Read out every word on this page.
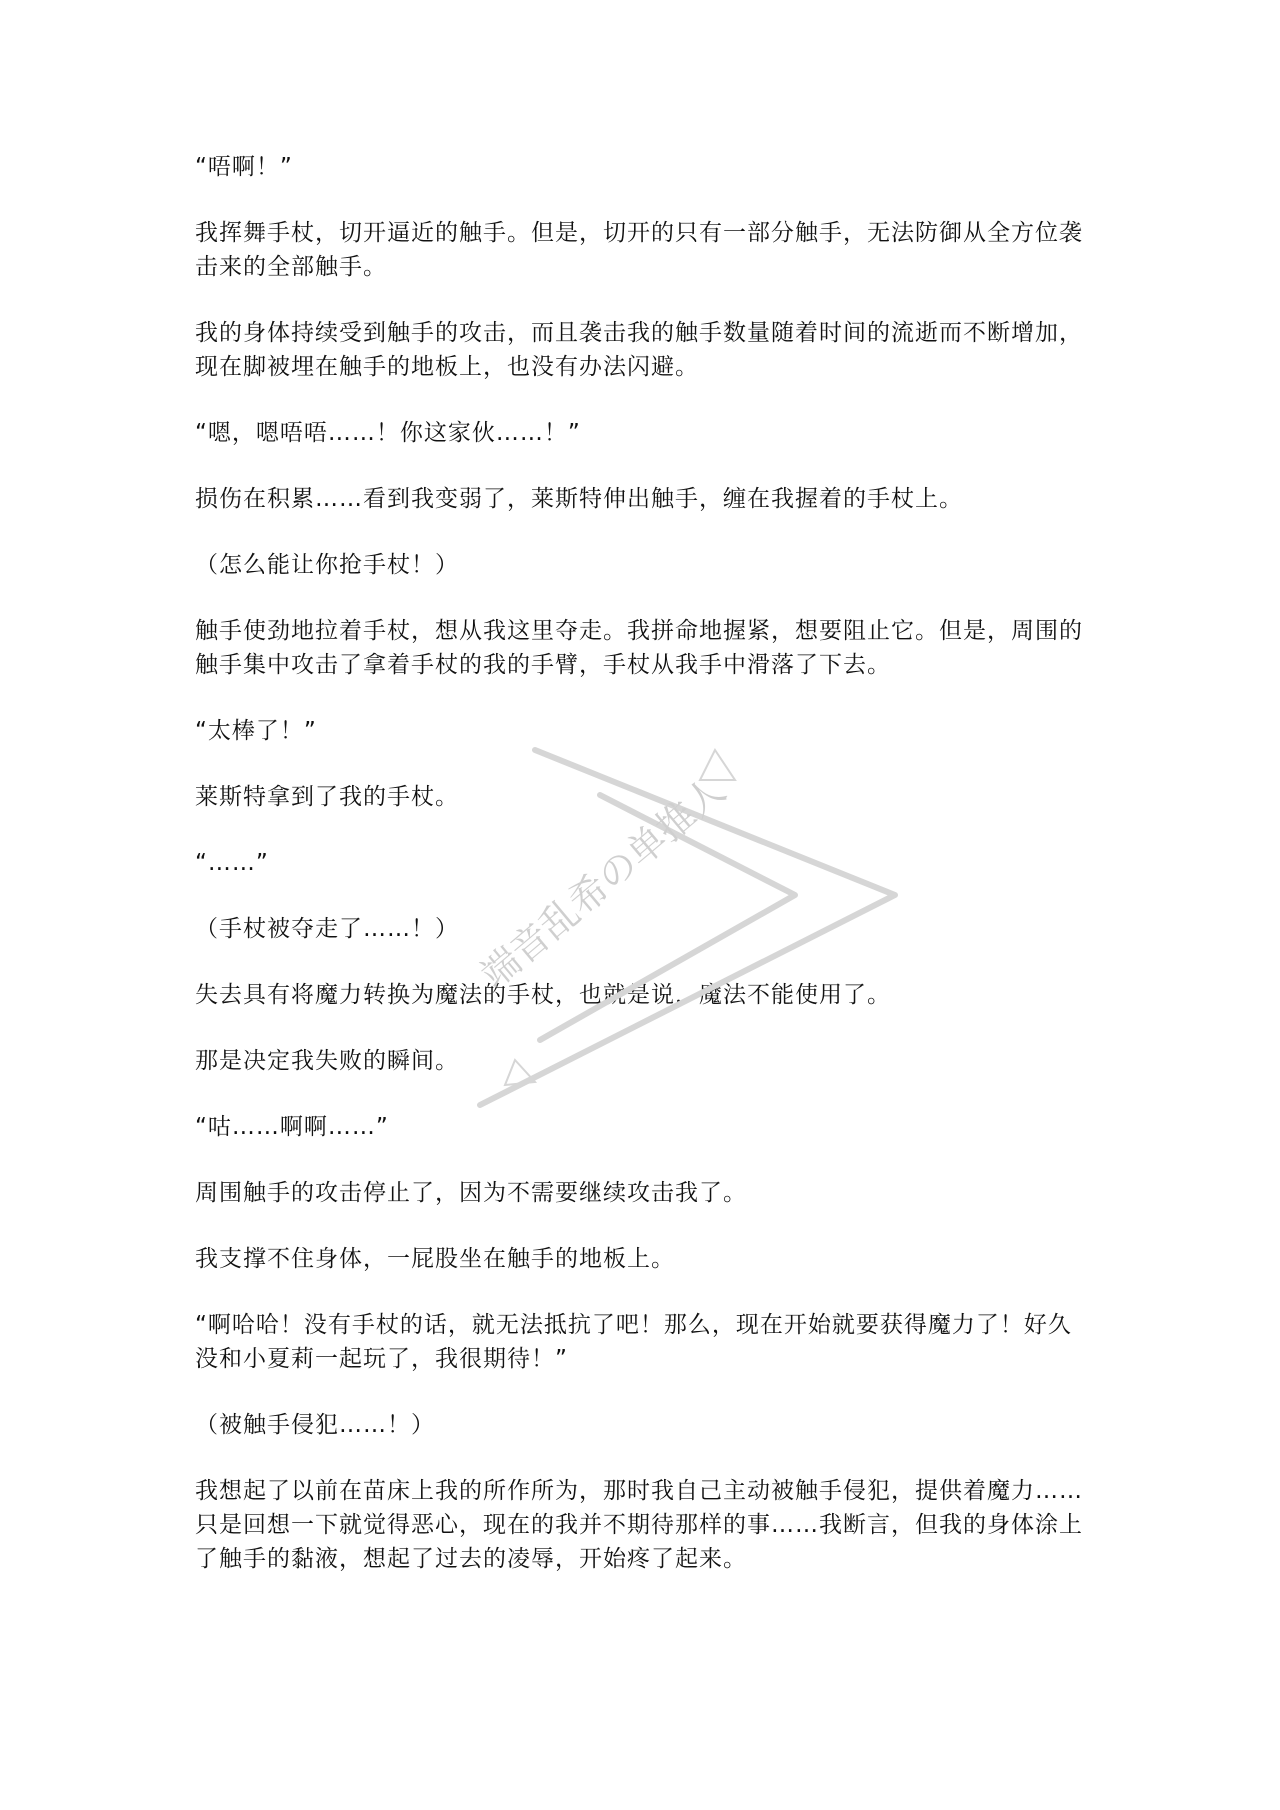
“唔啊！”

我挥舞手杖，切开逼近的触手。但是，切开的只有一部分触手，无法防御从全方位袭击来的全部触手。

我的身体持续受到触手的攻击，而且袭击我的触手数量随着时间的流逝而不断增加，现在脚被埋在触手的地板上，也没有办法闪避。

“嗯，嗯唔唔……！你这家伙……！”

损伤在积累……看到我变弱了，莱斯特伸出触手，缠在我握着的手杖上。

（怎么能让你抢手杖！）

触手使劲地拉着手杖，想从我这里夺走。我拼命地握紧，想要阻止它。但是，周围的触手集中攻击了拿着手杖的我的手臂，手杖从我手中滑落了下去。

“太棒了！”

莱斯特拿到了我的手杖。

“……”

（手杖被夺走了……！）

失去具有将魔力转换为魔法的手杖，也就是说，魔法不能使用了。

那是决定我失败的瞬间。

“咕……啊啊……”

周围触手的攻击停止了，因为不需要继续攻击我了。

我支撑不住身体，一屁股坐在触手的地板上。

“啊哈哈！没有手杖的话，就无法抵抗了吧！那么，现在开始就要获得魔力了！好久没和小夏莉一起玩了，我很期待！”

（被触手侵犯……！）

我想起了以前在苗床上我的所作所为，那时我自己主动被触手侵犯，提供着魔力……只是回想一下就觉得恶心，现在的我并不期待那样的事……我断言，但我的身体涂上了触手的黏液，想起了过去的凌辱，开始疼了起来。

端音乱希の单推人
